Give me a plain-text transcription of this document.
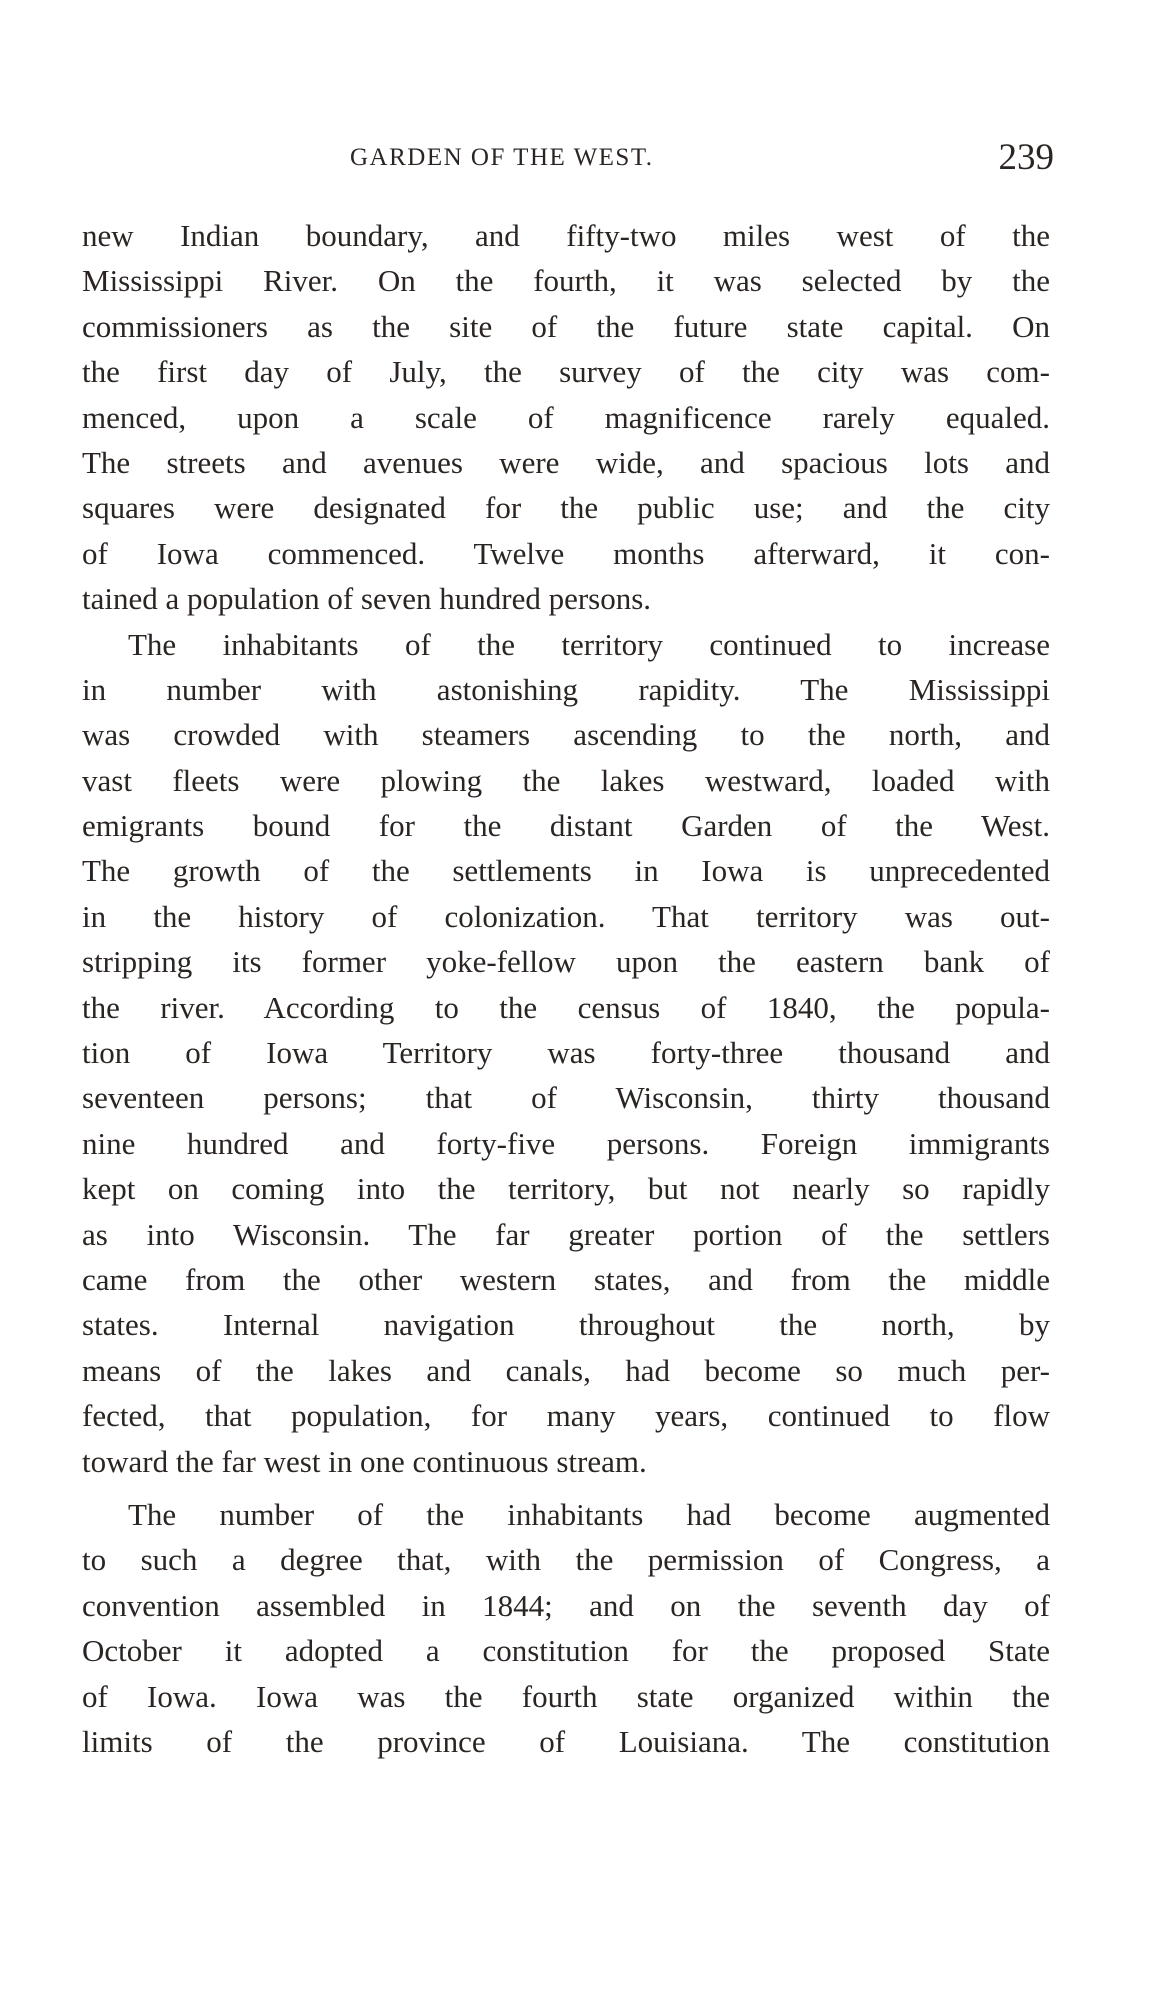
GARDEN OF THE WEST.	239
new Indian boundary, and fifty-two miles west of the
Mississippi River. On the fourth, it was selected by the
commissioners as the site of the future state capital. On
the first day of July, the survey of the city was com-
menced, upon a scale of magnificence rarely equaled.
The streets and avenues were wide, and spacious lots and
squares were designated for the public use; and the city
of Iowa commenced. Twelve months afterward, it con-
tained a population of seven hundred persons.
The inhabitants of the territory continued to increase
in number with astonishing rapidity. The Mississippi
was crowded with steamers ascending to the north, and
vast fleets were plowing the lakes westward, loaded with
emigrants bound for the distant Garden of the West.
The growth of the settlements in Iowa is unprecedented
in the history of colonization. That territory was out-
stripping its former yoke-fellow upon the eastern bank of
the river. According to the census of 1840, the popula-
tion of Iowa Territory was forty-three thousand and
seventeen persons; that of Wisconsin, thirty thousand
nine hundred and forty-five persons. Foreign immigrants
kept on coming into the territory, but not nearly so rapidly
as into Wisconsin. The far greater portion of the settlers
came from the other western states, and from the middle
states. Internal navigation throughout the north, by
means of the lakes and canals, had become so much per-
fected, that population, for many years, continued to flow
toward the far west in one continuous stream.
The number of the inhabitants had become augmented
to such a degree that, with the permission of Congress, a
convention assembled in 1844; and on the seventh day of
October it adopted a constitution for the proposed State
of Iowa. Iowa was the fourth state organized within the
limits of the province of Louisiana. The constitution
